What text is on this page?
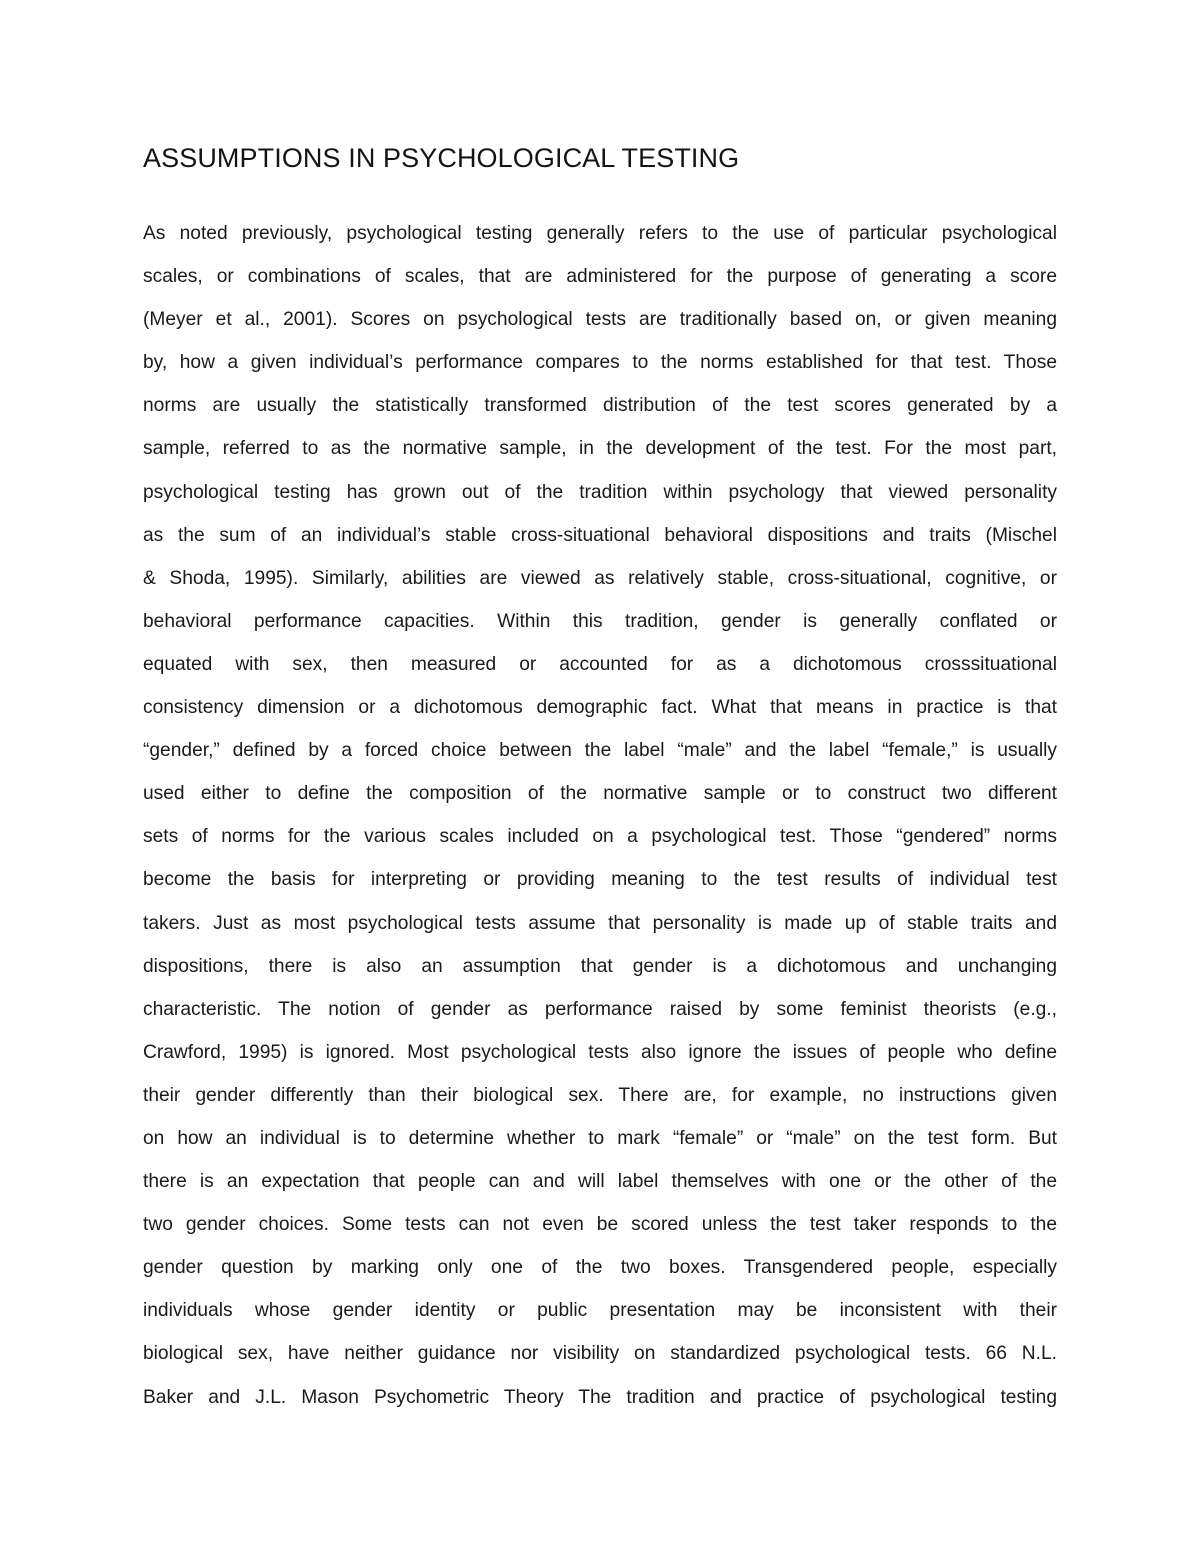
ASSUMPTIONS IN PSYCHOLOGICAL TESTING
As noted previously, psychological testing generally refers to the use of particular psychological
scales, or combinations of scales, that are administered for the purpose of generating a score
(Meyer et al., 2001). Scores on psychological tests are traditionally based on, or given meaning
by, how a given individual’s performance compares to the norms established for that test. Those
norms are usually the statistically transformed distribution of the test scores generated by a
sample, referred to as the normative sample, in the development of the test. For the most part,
psychological testing has grown out of the tradition within psychology that viewed personality
as the sum of an individual’s stable cross-situational behavioral dispositions and traits (Mischel
& Shoda, 1995). Similarly, abilities are viewed as relatively stable, cross-situational, cognitive, or
behavioral performance capacities. Within this tradition, gender is generally conflated or
equated with sex, then measured or accounted for as a dichotomous crosssituational
consistency dimension or a dichotomous demographic fact. What that means in practice is that
“gender,” defined by a forced choice between the label “male” and the label “female,” is usually
used either to define the composition of the normative sample or to construct two different
sets of norms for the various scales included on a psychological test. Those “gendered” norms
become the basis for interpreting or providing meaning to the test results of individual test
takers. Just as most psychological tests assume that personality is made up of stable traits and
dispositions, there is also an assumption that gender is a dichotomous and unchanging
characteristic. The notion of gender as performance raised by some feminist theorists (e.g.,
Crawford, 1995) is ignored. Most psychological tests also ignore the issues of people who define
their gender differently than their biological sex. There are, for example, no instructions given
on how an individual is to determine whether to mark “female” or “male” on the test form. But
there is an expectation that people can and will label themselves with one or the other of the
two gender choices. Some tests can not even be scored unless the test taker responds to the
gender question by marking only one of the two boxes. Transgendered people, especially
individuals whose gender identity or public presentation may be inconsistent with their
biological sex, have neither guidance nor visibility on standardized psychological tests. 66 N.L.
Baker and J.L. Mason Psychometric Theory The tradition and practice of psychological testing
